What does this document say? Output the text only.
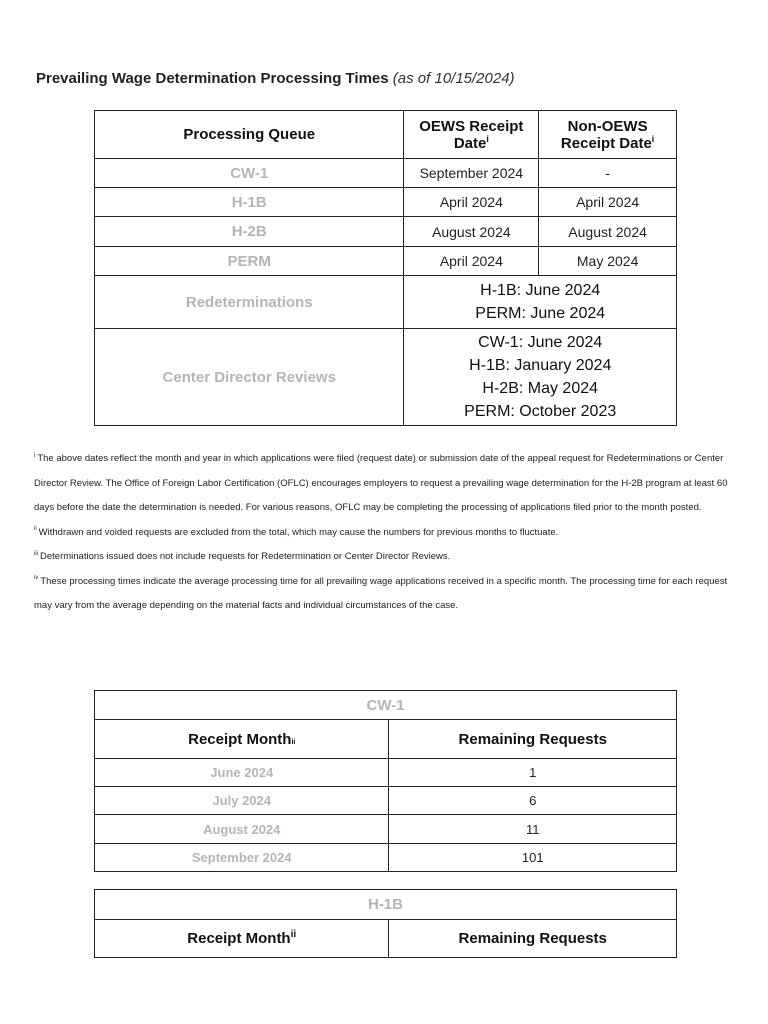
Prevailing Wage Determination Processing Times (as of 10/15/2024)
Processing Queue	OEWS Receipt Date$^i$	Non-OEWS Receipt Date$^i$
CW-1	September 2024	-
H-1B	April 2024	April 2024
H-2B	August 2024	August 2024
PERM	April 2024	May 2024
Redeterminations	H-1B: June 2024
PERM: June 2024	

Center Director Reviews	CW-1: June 2024
H-1B: January 2024
H-2B: May 2024
PERM: October 2023	

$^i$ The above dates reflect the month and year in which applications were filed (request date) or submission date of the appeal request for Redeterminations or Center Director Review. The Office of Foreign Labor Certification (OFLC) encourages employers to request a prevailing wage determination for the H-2B program at least 60 days before the date the determination is needed. For various reasons, OFLC may be completing the processing of applications filed prior to the month posted.

$^{ii}$ Withdrawn and voided requests are excluded from the total, which may cause the numbers for previous months to fluctuate.

$^{iii}$ Determinations issued does not include requests for Redetermination or Center Director Reviews.

$^{iv}$ These processing times indicate the average processing time for all prevailing wage applications received in a specific month. The processing time for each request may vary from the average depending on the material facts and individual circumstances of the case.

CW-1	
Receipt Monthii	Remaining Requests
June 2024	1
July 2024	6
August 2024	11
September 2024	101
H-1B
Receipt Month$^{ii}$	Remaining Requests
